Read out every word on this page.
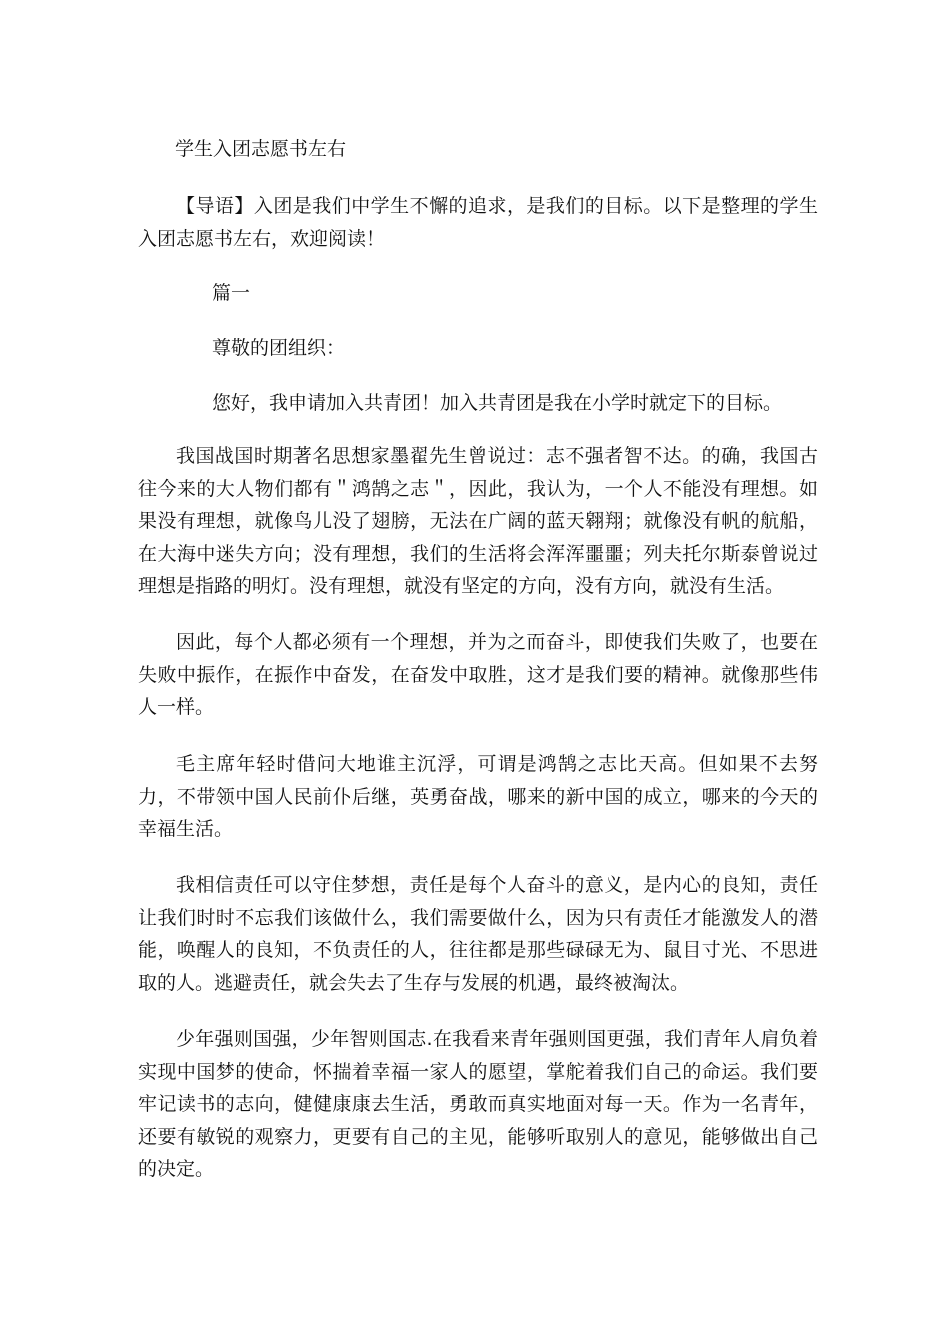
学生入团志愿书左右

【导语】入团是我们中学生不懈的追求，是我们的目标。以下是整理的学生入团志愿书左右，欢迎阅读！

篇一
尊敬的团组织：
您好，我申请加入共青团！加入共青团是我在小学时就定下的目标。

我国战国时期著名思想家墨翟先生曾说过：志不强者智不达。的确，我国古往今来的大人物们都有＂鸿鹄之志＂，因此，我认为，一个人不能没有理想。如果没有理想，就像鸟儿没了翅膀，无法在广阔的蓝天翱翔；就像没有帆的航船，在大海中迷失方向；没有理想，我们的生活将会浑浑噩噩；列夫托尔斯泰曾说过理想是指路的明灯。没有理想，就没有坚定的方向，没有方向，就没有生活。

因此，每个人都必须有一个理想，并为之而奋斗，即使我们失败了，也要在失败中振作，在振作中奋发，在奋发中取胜，这才是我们要的精神。就像那些伟人一样。

毛主席年轻时借问大地谁主沉浮，可谓是鸿鹄之志比天高。但如果不去努力，不带领中国人民前仆后继，英勇奋战，哪来的新中国的成立，哪来的今天的幸福生活。

我相信责任可以守住梦想，责任是每个人奋斗的意义，是内心的良知，责任让我们时时不忘我们该做什么，我们需要做什么，因为只有责任才能激发人的潜能，唤醒人的良知，不负责任的人，往往都是那些碌碌无为、鼠目寸光、不思进取的人。逃避责任，就会失去了生存与发展的机遇，最终被淘汰。

少年强则国强，少年智则国志.在我看来青年强则国更强，我们青年人肩负着实现中国梦的使命，怀揣着幸福一家人的愿望，掌舵着我们自己的命运。我们要牢记读书的志向，健健康康去生活，勇敢而真实地面对每一天。作为一名青年，还要有敏锐的观察力，更要有自己的主见，能够听取别人的意见，能够做出自己的决定。
